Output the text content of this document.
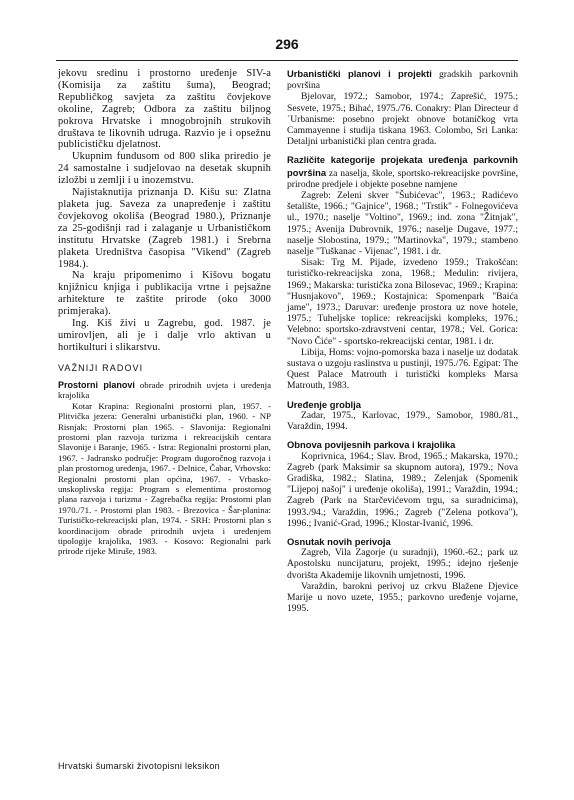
296

jekovu sredinu i prostorno uređenje SIV-a (Komisija za zaštitu šuma), Beograd; Republičkog savjeta za zaštitu čovjekove okoline, Zagreb; Odbora za zaštitu biljnog pokrova Hrvatske i mnogobrojnih strukovih društava te likovnih udruga. Razvio je i opsežnu publicističku djelatnost.

Ukupnim fundusom od 800 slika priredio je 24 samostalne i sudjelovao na desetak skupnih izložbi u zemlji i u inozemstvu.

Najistaknutija priznanja D. Kišu su: Zlatna plaketa jug. Saveza za unapređenje i zaštitu čovjekovog okoliša (Beograd 1980.), Priznanje za 25-godišnji rad i zalaganje u Urbanističkom institutu Hrvatske (Zagreb 1981.) i Srebrna plaketa Uredništva časopisa "Vikend" (Zagreb 1984.).

Na kraju pripomenimo i Kišovu bogatu knjižnicu knjiga i publikacija vrtne i pejsažne arhitekture te zaštite prirode (oko 3000 primjeraka).

Ing. Kiš živi u Zagrebu, god. 1987. je umirovljen, ali je i dalje vrlo aktivan u hortikulturi i slikarstvu.

VAŽNIJI RADOVI

Prostorni planovi obrade prirodnih uvjeta i uređenja krajolika

Kotar Krapina: Regionalni prostorni plan, 1957. - Plitvička jezera: Generalni urbanistički plan, 1960. - NP Risnjak: Prostorni plan 1965. - Slavonija: Regionalni prostorni plan razvoja turizma i rekreacijskih centara Slavonije i Baranje, 1965. - Istra: Regionalni prostorni plan, 1967. - Jadransko područje: Program dugoročnog razvoja i plan prostornog uređenja, 1967. - Delnice, Čabar, Vrbovsko: Regionalni prostorni plan općina, 1967. - Vrbasko-unskoplivska regija: Program s elementima prostornog plana razvoja i turizma - Zagrebačka regija: Prostorni plan 1970./71. - Prostorni plan 1983. - Brezovica - Šar-planina: Turističko-rekreacijski plan, 1974. - SRH: Prostorni plan s koordinacijom obrade prirodnih uvjeta i uređenjem tipologije krajolika, 1983. - Kosovo: Regionalni park prirode rijeke Miruše, 1983.

Urbanistički planovi i projekti gradskih parkovnih površina

Bjelovar, 1972.; Samobor, 1974.; Zaprešić, 1975.; Sesvete, 1975.; Bihać, 1975./76. Conakry: Plan Directeur d´Urbanisme: posebno projekt obnove botaničkog vrta Cammayenne i studija tiskana 1963. Colombo, Sri Lanka: Detaljni urbanistički plan centra grada.

Različite kategorije projekata uređenja parkovnih površina za naselja, škole, sportsko-rekreacijske površine, prirodne predjele i objekte posebne namjene

Zagreb: Zeleni skver "Šubićevac", 1963.; Radićevo šetalište, 1966.; "Gajnice", 1968.; "Trstik" - Folnegovićeva ul., 1970.; naselje "Voltino", 1969.; ind. zona "Žitnjak", 1975.; Avenija Dubrovnik, 1976.; naselje Dugave, 1977.; naselje Slobostina, 1979.; "Martinovka", 1979.; stambeno naselje "Tuškanac - Vijenac", 1981. i dr.

Sisak: Trg M. Pijade, izvedeno 1959.; Trakošćan: turističko-rekreacijska zona, 1968.; Medulin: rivijera, 1969.; Makarska: turistička zona Bilosevac, 1969.; Krapina: "Husnjakovo", 1969.; Kostajnica: Spomenpark "Baića jame", 1973.; Daruvar: uređenje prostora uz nove hotele, 1975.; Tuheljske toplice: rekreacijski kompleks, 1976.; Velebno: sportsko-zdravstveni centar, 1978.; Vel. Gorica: "Novo Čiće" - sportsko-rekreacijski centar, 1981. i dr.

Libija, Homs: vojno-pomorska baza i naselje uz dodatak sustava o uzgoju raslinstva u pustinji, 1975./76. Egipat: The Quest Palace Matrouth i turistički kompleks Marsa Matrouth, 1983.

Uređenje groblja

Zadar, 1975., Karlovac, 1979., Samobor, 1980./81., Varaždin, 1994.

Obnova povijesnih parkova i krajolika

Koprivnica, 1964.; Slav. Brod, 1965.; Makarska, 1970.; Zagreb (park Maksimir sa skupnom autora), 1979.; Nova Gradiška, 1982.; Slatina, 1989.; Zelenjak (Spomenik "Lijepoj našoj" i uređenje okoliša), 1991.; Varaždin, 1994.; Zagreb (Park na Starčevićevom trgu, sa suradnicima), 1993./94.; Varaždin, 1996.; Zagreb ("Zelena potkova"), 1996.; Ivanić-Grad, 1996.; Klostar-Ivanić, 1996.

Osnutak novih perivoja

Zagreb, Vila Zagorje (u suradnji), 1960.-62.; park uz Apostolsku nuncijaturu, projekt, 1995.; idejno rješenje dvorišta Akademije likovnih umjetnosti, 1996.

Varaždin, barokni perivoj uz crkvu Blažene Djevice Marije u novo uzete, 1955.; parkovno uređenje vojarne, 1995.

Hrvatski šumarski životopisni leksikon
